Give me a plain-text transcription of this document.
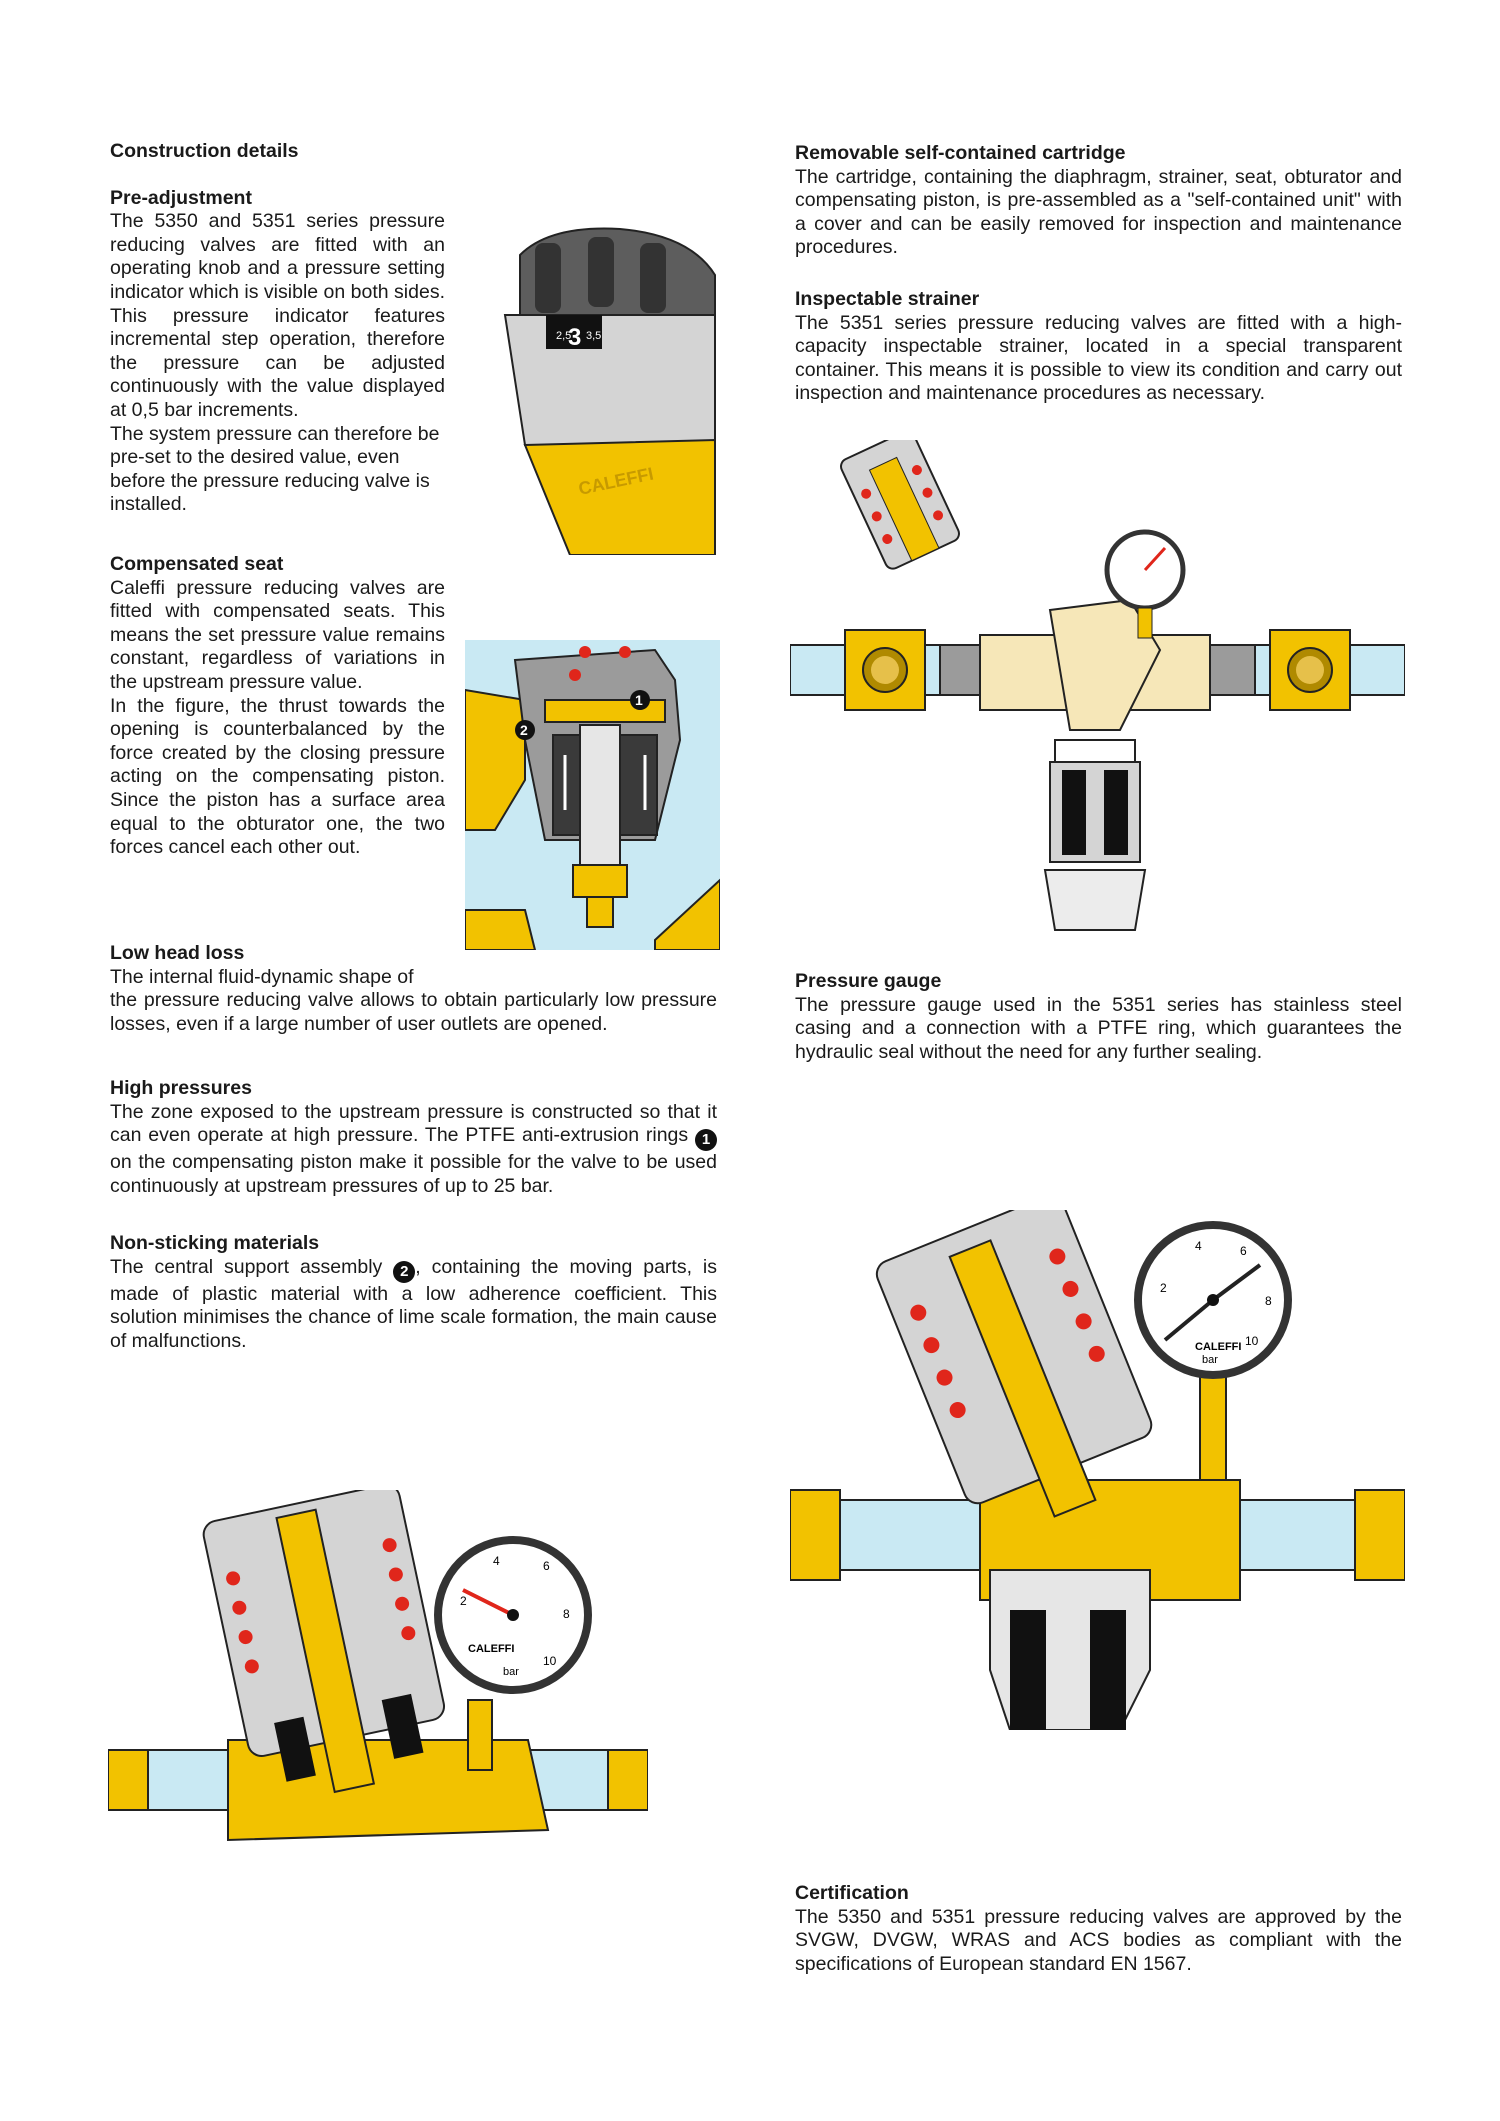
Construction details
Pre-adjustment

The 5350 and 5351 series pressure reducing valves are fitted with an operating knob and a pressure setting indicator which is visible on both sides. This pressure indicator features incremental step operation, therefore the pressure can be adjusted continuously with the value displayed at 0,5 bar increments.

The system pressure can therefore be pre-set to the desired value, even before the pressure reducing valve is installed.

Compensated seat

Caleffi pressure reducing valves are fitted with compensated seats. This means the set pressure value remains constant, regardless of variations in the upstream pressure value.

In the figure, the thrust towards the opening is counterbalanced by the force created by the closing pressure acting on the compensating piston. Since the piston has a surface area equal to the obturator one, the two forces cancel each other out.

Low head loss

The internal fluid-dynamic shape of

the pressure reducing valve allows to obtain particularly low pressure losses, even if a large number of user outlets are opened.

High pressures

The zone exposed to the upstream pressure is constructed so that it can even operate at high pressure. The PTFE anti-extrusion rings 1 on the compensating piston make it possible for the valve to be used continuously at upstream pressures of up to 25 bar.

Non-sticking materials

The central support assembly 2 , containing the moving parts, is made of plastic material with a low adherence coefficient. This solution minimises the chance of lime scale formation, the main cause of malfunctions.

Removable self-contained cartridge

The cartridge, containing the diaphragm, strainer, seat, obturator and compensating piston, is pre-assembled as a "self-contained unit" with a cover and can be easily removed for inspection and maintenance procedures.

Inspectable strainer

The 5351 series pressure reducing valves are fitted with a high-capacity inspectable strainer, located in a special transparent container. This means it is possible to view its condition and carry out inspection and maintenance procedures as necessary.

Pressure gauge

The pressure gauge used in the 5351 series has stainless steel casing and a connection with a PTFE ring, which guarantees the hydraulic seal without the need for any further sealing.

Certification

The 5350 and 5351 pressure reducing valves are approved by the SVGW, DVGW, WRAS and ACS bodies as compliant with the specifications of European standard EN 1567.

2,5
3 3,5
CALEFFI
1
2
2
4	6
8
10
CALEFFI
bar
2
4	6
8
10
CALEFFI
bar
